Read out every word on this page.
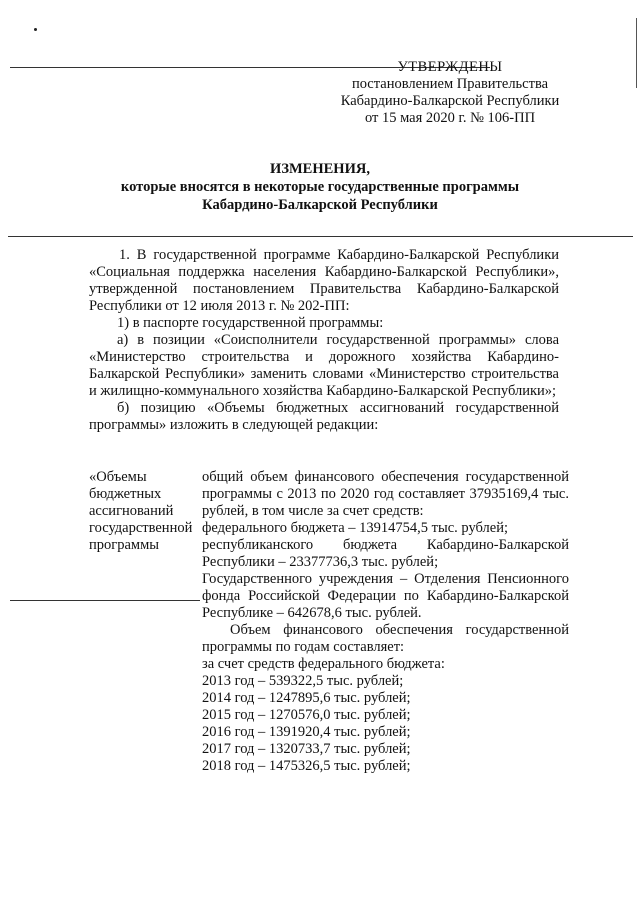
УТВЕРЖДЕНЫ
постановлением Правительства
Кабардино-Балкарской Республики
от 15 мая 2020 г. № 106-ПП
ИЗМЕНЕНИЯ,
которые вносятся в некоторые государственные программы
Кабардино-Балкарской Республики

1. В государственной программе Кабардино-Балкарской Республики «Социальная поддержка населения Кабардино-Балкарской Республики», утвержденной постановлением Правительства Кабардино-Балкарской Республики от 12 июля 2013 г. № 202-ПП:

1) в паспорте государственной программы:

а) в позиции «Соисполнители государственной программы» слова «Министерство строительства и дорожного хозяйства Кабардино-Балкарской Республики» заменить словами «Министерство строительства и жилищно-коммунального хозяйства Кабардино-Балкарской Республики»;

б) позицию «Объемы бюджетных ассигнований государственной программы» изложить в следующей редакции:

«Объемы

бюджетных

ассигнований

государственной

программы

общий объем финансового обеспечения государственной программы с 2013 по 2020 год составляет 37935169,4 тыс. рублей, в том числе за счет средств:

федерального бюджета – 13914754,5 тыс. рублей;

республиканского бюджета Кабардино-Балкарской Республики – 23377736,3 тыс. рублей;

Государственного учреждения – Отделения Пенсионного фонда Российской Федерации по Кабардино-Балкарской Республике – 642678,6 тыс. рублей.

Объем финансового обеспечения государственной программы по годам составляет:

за счет средств федерального бюджета:

2013 год – 539322,5 тыс. рублей;

2014 год – 1247895,6 тыс. рублей;

2015 год – 1270576,0 тыс. рублей;

2016 год – 1391920,4 тыс. рублей;

2017 год – 1320733,7 тыс. рублей;

2018 год – 1475326,5 тыс. рублей;
